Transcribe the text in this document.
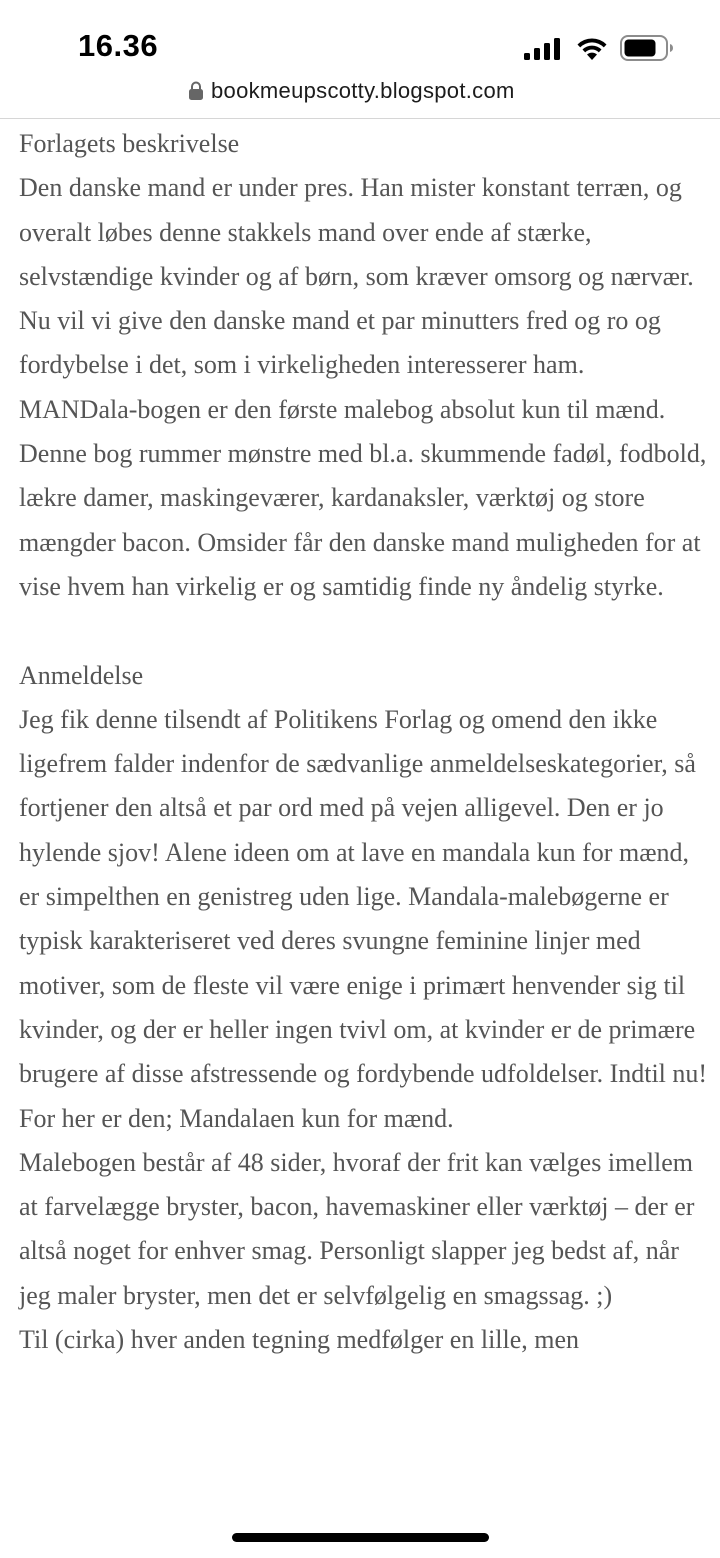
16.36
bookmeupscotty.blogspot.com

Forlagets beskrivelse

Den danske mand er under pres. Han mister konstant terræn, og overalt løbes denne stakkels mand over ende af stærke, selvstændige kvinder og af børn, som kræver omsorg og nærvær. Nu vil vi give den danske mand et par minutters fred og ro og fordybelse i det, som i virkeligheden interesserer ham. MANDala-bogen er den første malebog absolut kun til mænd. Denne bog rummer mønstre med bl.a. skummende fadøl, fodbold, lækre damer, maskingeværer, kardanaksler, værktøj og store mængder bacon. Omsider får den danske mand muligheden for at vise hvem han virkelig er og samtidig finde ny åndelig styrke.

Anmeldelse

Jeg fik denne tilsendt af Politikens Forlag og omend den ikke ligefrem falder indenfor de sædvanlige anmeldelseskategorier, så fortjener den altså et par ord med på vejen alligevel. Den er jo hylende sjov! Alene ideen om at lave en mandala kun for mænd, er simpelthen en genistreg uden lige. Mandala-malebøgerne er typisk karakteriseret ved deres svungne feminine linjer med motiver, som de fleste vil være enige i primært henvender sig til kvinder, og der er heller ingen tvivl om, at kvinder er de primære brugere af disse afstressende og fordybende udfoldelser. Indtil nu! For her er den; Mandalaen kun for mænd.

Malebogen består af 48 sider, hvoraf der frit kan vælges imellem at farvelægge bryster, bacon, havemaskiner eller værktøj – der er altså noget for enhver smag. Personligt slapper jeg bedst af, når jeg maler bryster, men det er selvfølgelig en smagssag. ;)

Til (cirka) hver anden tegning medfølger en lille, men
